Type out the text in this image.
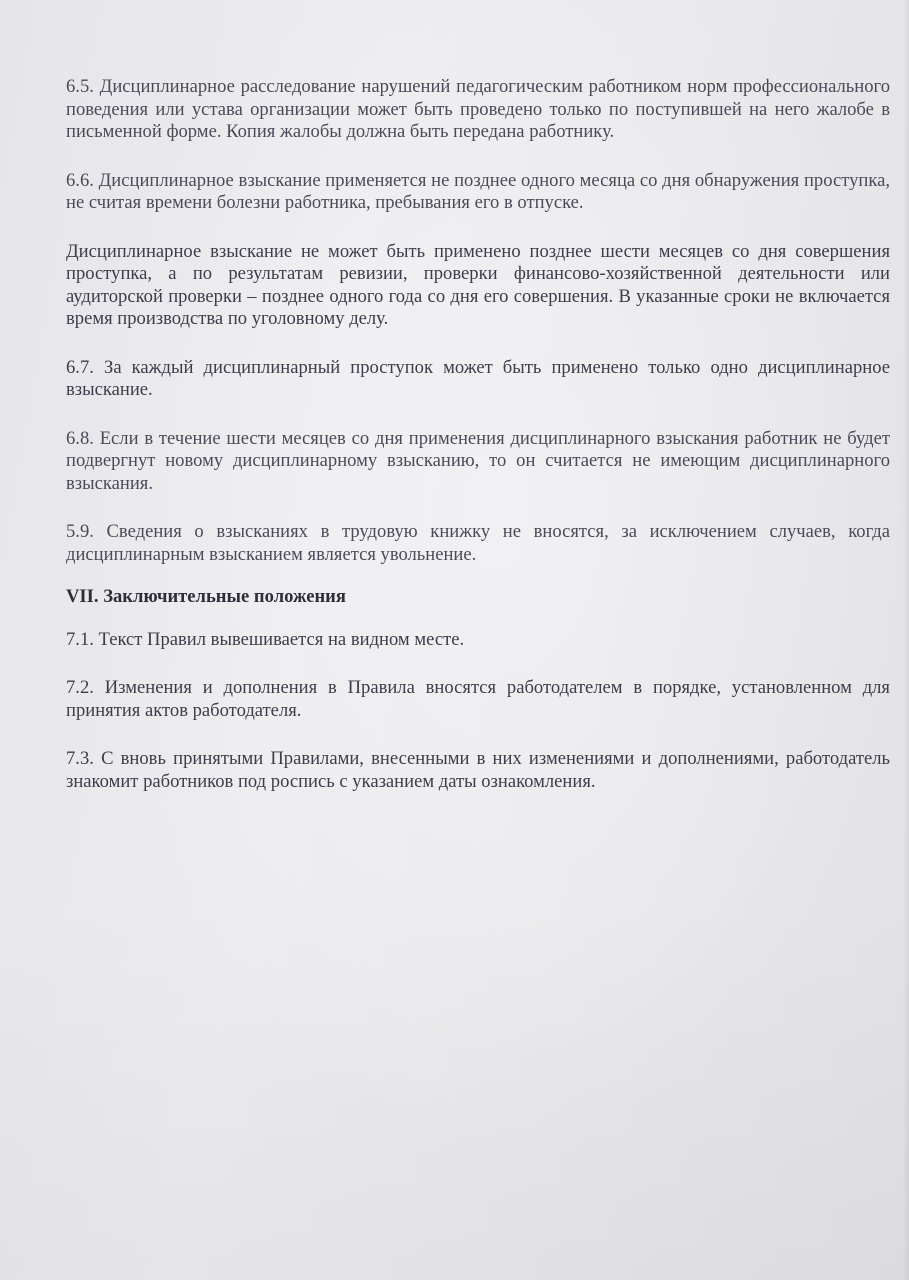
6.5. Дисциплинарное расследование нарушений педагогическим работником норм профессионального поведения или устава организации может быть проведено только по поступившей на него жалобе в письменной форме. Копия жалобы должна быть передана работнику.

6.6. Дисциплинарное взыскание применяется не позднее одного месяца со дня обнаружения проступка, не считая времени болезни работника, пребывания его в отпуске.

Дисциплинарное взыскание не может быть применено позднее шести месяцев со дня совершения проступка, а по результатам ревизии, проверки финансово-хозяйственной деятельности или аудиторской проверки – позднее одного года со дня его совершения. В указанные сроки не включается время производства по уголовному делу.

6.7. За каждый дисциплинарный проступок может быть применено только одно дисциплинарное взыскание.

6.8. Если в течение шести месяцев со дня применения дисциплинарного взыскания работник не будет подвергнут новому дисциплинарному взысканию, то он считается не имеющим дисциплинарного взыскания.

5.9. Сведения о взысканиях в трудовую книжку не вносятся, за исключением случаев, когда дисциплинарным взысканием является увольнение.

VII. Заключительные положения

7.1. Текст Правил вывешивается на видном месте.

7.2. Изменения и дополнения в Правила вносятся работодателем в порядке, установленном для принятия актов работодателя.

7.3. С вновь принятыми Правилами, внесенными в них изменениями и дополнениями, работодатель знакомит работников под роспись с указанием даты ознакомления.
